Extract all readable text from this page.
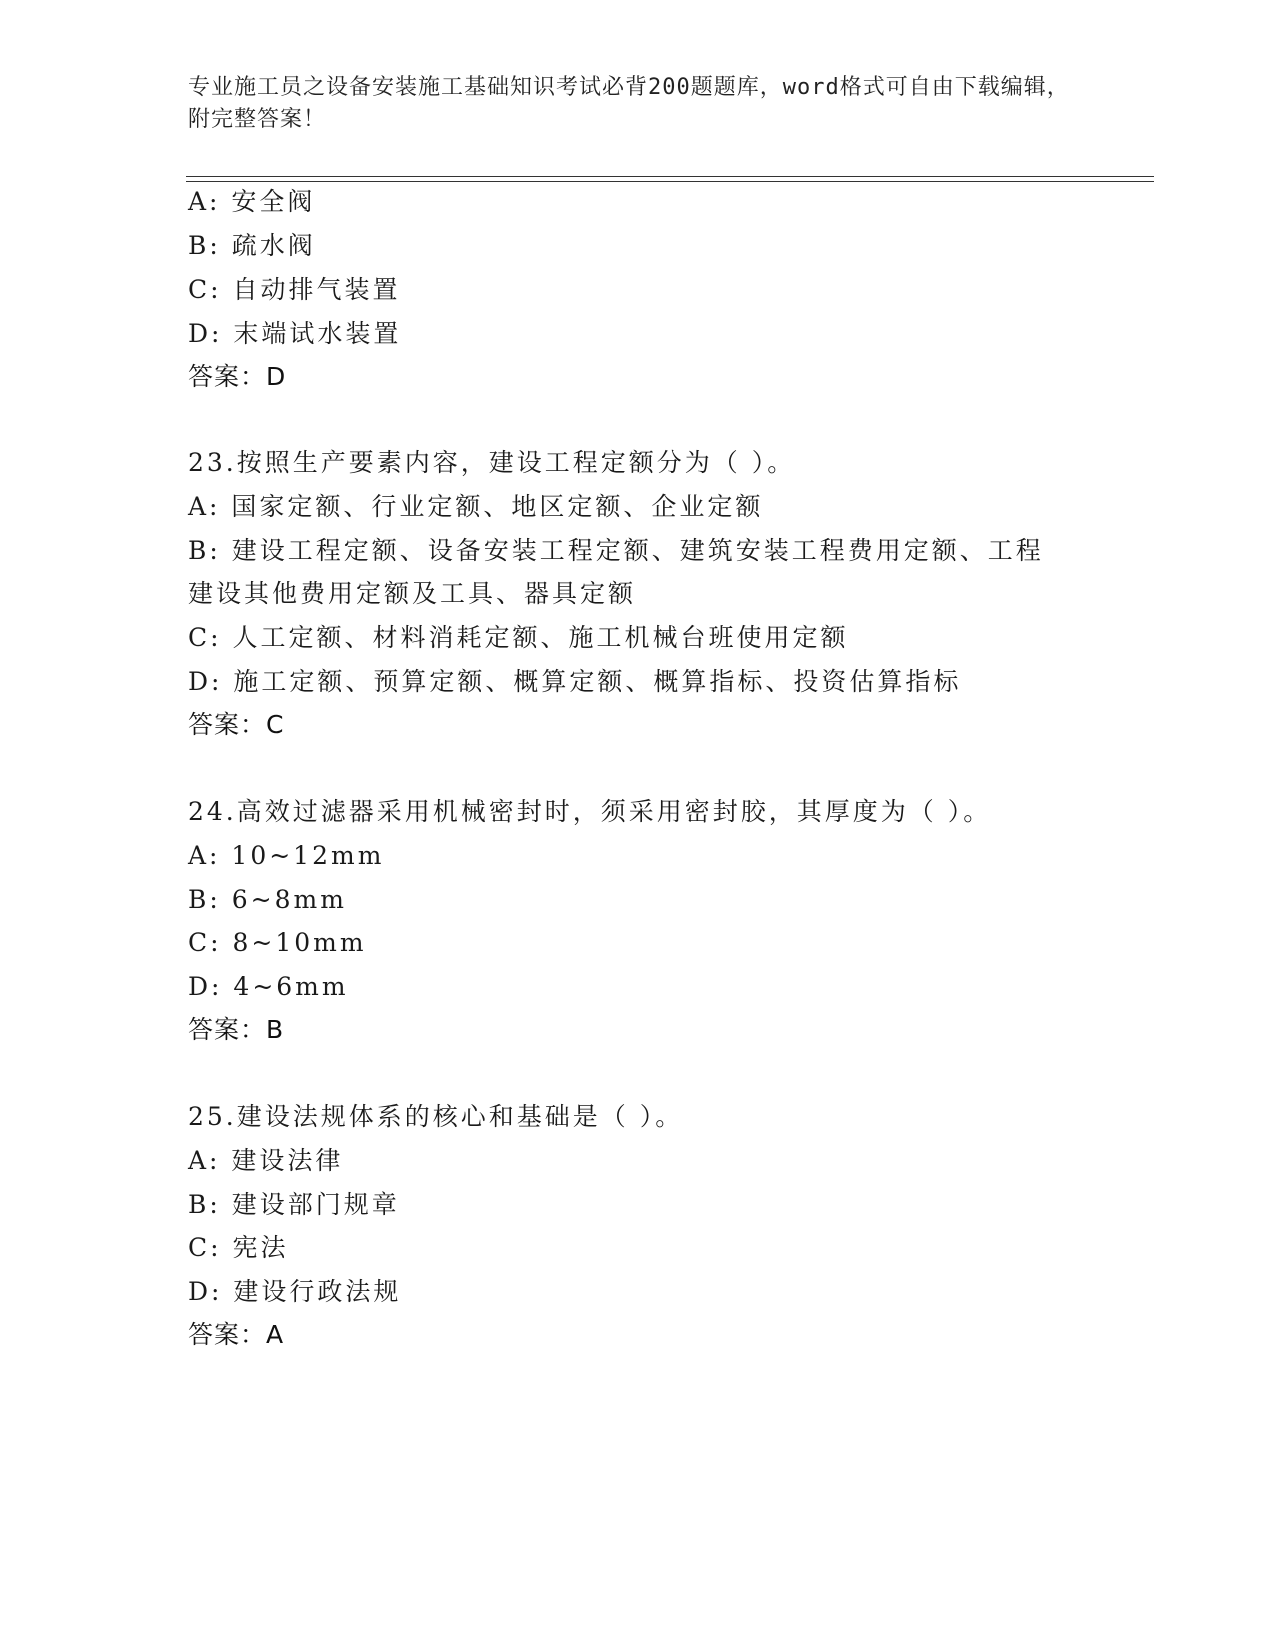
专业施工员之设备安装施工基础知识考试必背200题题库，word格式可自由下载编辑，附完整答案！
A: 安全阀
B: 疏水阀
C: 自动排气装置
D: 末端试水装置
答案：D
23.按照生产要素内容，建设工程定额分为（ ）。
A: 国家定额、行业定额、地区定额、企业定额
B: 建设工程定额、设备安装工程定额、建筑安装工程费用定额、工程
建设其他费用定额及工具、器具定额
C: 人工定额、材料消耗定额、施工机械台班使用定额
D: 施工定额、预算定额、概算定额、概算指标、投资估算指标
答案：C
24.高效过滤器采用机械密封时，须采用密封胶，其厚度为（ ）。
A: 10~12mm
B: 6~8mm
C: 8~10mm
D: 4~6mm
答案：B
25.建设法规体系的核心和基础是（ ）。
A: 建设法律
B: 建设部门规章
C: 宪法
D: 建设行政法规
答案：A
